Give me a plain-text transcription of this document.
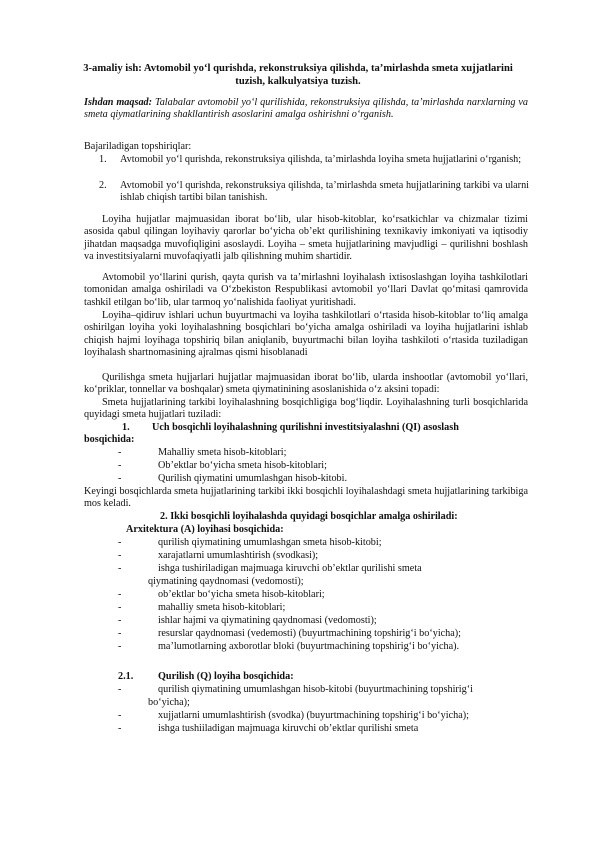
3-amaliy ish: Avtomobil yo‘l qurishda, rekonstruksiya qilishda, ta’mirlashda smeta xujjatlarini tuzish, kalkulyatsiya tuzish.
Ishdan maqsad: Talabalar avtomobil yo‘l qurilishida, rekonstruksiya qilishda, ta’mirlashda narxlarning va smeta qiymatlarining shakllantirish asoslarini amalga oshirishni o‘rganish.
Bajariladigan topshiriqlar:
1. Avtomobil yo‘l qurishda, rekonstruksiya qilishda, ta’mirlashda loyiha smeta hujjatlarini o‘rganish;
2. Avtomobil yo‘l qurishda, rekonstruksiya qilishda, ta’mirlashda smeta hujjatlarining tarkibi va ularni ishlab chiqish tartibi bilan tanishish.
Loyiha hujjatlar majmuasidan iborat bo‘lib, ular hisob-kitoblar, ko‘rsatkichlar va chizmalar tizimi asosida qabul qilingan loyihaviy qarorlar bo‘yicha ob’ekt qurilishining texnikaviy imkoniyati va iqtisodiy jihatdan maqsadga muvofiqligini asoslaydi. Loyiha – smeta hujjatlarining mavjudligi – qurilishni boshlash va investitsiyalarni muvofaqiyatli jalb qilishning muhim shartidir.
Avtomobil yo‘llarini qurish, qayta qurish va ta’mirlashni loyihalash ixtisoslashgan loyiha tashkilotlari tomonidan amalga oshiriladi va O‘zbekiston Respublikasi avtomobil yo‘llari Davlat qo‘mitasi qamrovida tashkil etilgan bo‘lib, ular tarmoq yo‘nalishida faoliyat yuritishadi.
Loyiha–qidiruv ishlari uchun buyurtmachi va loyiha tashkilotlari o‘rtasida hisob-kitoblar to‘liq amalga oshirilgan loyiha yoki loyihalashning bosqichlari bo‘yicha amalga oshiriladi va loyiha hujjatlarini ishlab chiqish hajmi loyihaga topshiriq bilan aniqlanib, buyurtmachi bilan loyiha tashkiloti o‘rtasida tuziladigan loyihalash shartnomasining ajralmas qismi hisoblanadi
Qurilishga smeta hujjarlari hujjatlar majmuasidan iborat bo‘lib, ularda inshootlar (avtomobil yo‘llari, ko‘priklar, tonnellar va boshqalar) smeta qiymatinining asoslanishida o‘z aksini topadi:
Smeta hujjatlarining tarkibi loyihalashning bosqichligiga bog‘liqdir. Loyihalashning turli bosqichlarida quyidagi smeta hujjatlari tuziladi:
1. Uch bosqichli loyihalashning qurilishni investitsiyalashni (QI) asoslash
bosqichida:
-	Mahalliy smeta hisob-kitoblari;
-	Ob’ektlar bo‘yicha smeta hisob-kitoblari;
-	Qurilish qiymatini umumlashgan hisob-kitobi.
Keyingi bosqichlarda smeta hujjatlarining tarkibi ikki bosqichli loyihalashdagi smeta hujjatlarining tarkibiga mos keladi.
2. Ikki bosqichli loyihalashda quyidagi bosqichlar amalga oshiriladi:
Arxitektura (A) loyihasi bosqichida:
-	qurilish qiymatining umumlashgan smeta hisob-kitobi;
-	xarajatlarni umumlashtirish (svodkasi);
-	ishga tushiriladigan majmuaga kiruvchi ob’ektlar qurilishi smeta
qiymatining qaydnomasi (vedomosti);
-	ob’ektlar bo‘yicha smeta hisob-kitoblari;
-	mahalliy smeta hisob-kitoblari;
-	ishlar hajmi va qiymatining qaydnomasi (vedomosti);
-	resurslar qaydnomasi (vedemosti) (buyurtmachining topshirig‘i bo‘yicha);
-	ma’lumotlarning axborotlar bloki (buyurtmachining topshirig‘i bo‘yicha).
2.1. Qurilish (Q) loyiha bosqichida:
-	qurilish qiymatining umumlashgan hisob-kitobi (buyurtmachining topshirig‘i
bo‘yicha);
-	xujjatlarni umumlashtirish (svodka) (buyurtmachining topshirig‘i bo‘yicha);
-	ishga tushiiladigan majmuaga kiruvchi ob’ektlar qurilishi smeta
